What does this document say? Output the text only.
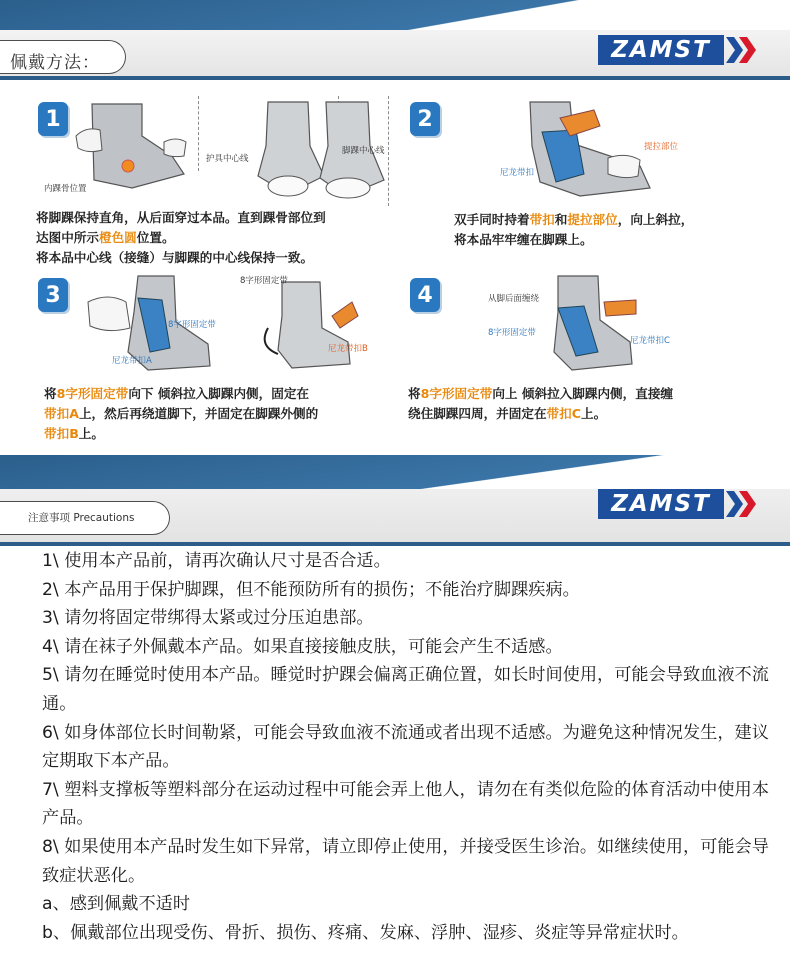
佩戴方法：	ZAMST
1
内踝骨位置
护具中心线
脚踝中心线
将脚踝保持直角，从后面穿过本品。直到踝骨部位到
达图中所示橙色圆位置。
将本品中心线（接缝）与脚踝的中心线保持一致。
2
提拉部位
尼龙带扣
双手同时持着带扣和提拉部位，向上斜拉，
将本品牢牢缠在脚踝上。
3
8字形固定带
尼龙带扣A
8字形固定带
尼龙带扣B
将8字形固定带向下 倾斜拉入脚踝内侧，固定在
带扣A上，然后再绕道脚下，并固定在脚踝外侧的
带扣B上。
4	从脚后面缠绕
8字形固定带
尼龙带扣C
将8字形固定带向上 倾斜拉入脚踝内侧，直接缠
绕住脚踝四周，并固定在带扣C上。
注意事项 Precautions
ZAMST

1\ 使用本产品前，请再次确认尺寸是否合适。

2\ 本产品用于保护脚踝，但不能预防所有的损伤；不能治疗脚踝疾病。

3\ 请勿将固定带绑得太紧或过分压迫患部。

4\ 请在袜子外佩戴本产品。如果直接接触皮肤，可能会产生不适感。

5\ 请勿在睡觉时使用本产品。睡觉时护踝会偏离正确位置，如长时间使用，可能会导致血液不流通。

6\ 如身体部位长时间勒紧，可能会导致血液不流通或者出现不适感。为避免这种情况发生，建议定期取下本产品。

7\ 塑料支撑板等塑料部分在运动过程中可能会弄上他人，请勿在有类似危险的体育活动中使用本产品。

8\ 如果使用本产品时发生如下异常，请立即停止使用，并接受医生诊治。如继续使用，可能会导致症状恶化。

a、感到佩戴不适时

b、佩戴部位出现受伤、骨折、损伤、疼痛、发麻、浮肿、湿疹、炎症等异常症状时。
